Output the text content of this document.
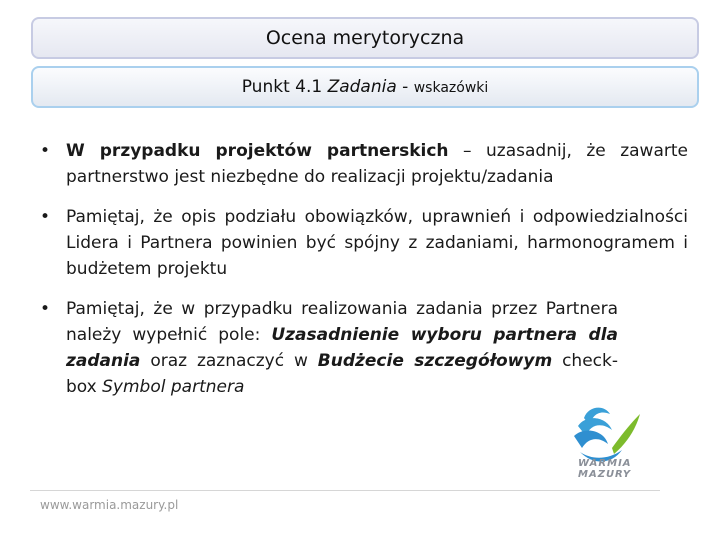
Ocena merytoryczna
Punkt 4.1 Zadania - wskazówki
• W przypadku projektów partnerskich – uzasadnij, że zawarte partnerstwo jest niezbędne do realizacji projektu/zadania
• Pamiętaj, że opis podziału obowiązków, uprawnień i odpowiedzialności Lidera i Partnera powinien być spójny z zadaniami, harmonogramem i budżetem projektu
• Pamiętaj, że w przypadku realizowania zadania przez Partnera należy wypełnić pole: Uzasadnienie wyboru partnera dla zadania oraz zaznaczyć w Budżecie szczegółowym check- box Symbol partnera
WARMIA
MAZURY
www.warmia.mazury.pl
